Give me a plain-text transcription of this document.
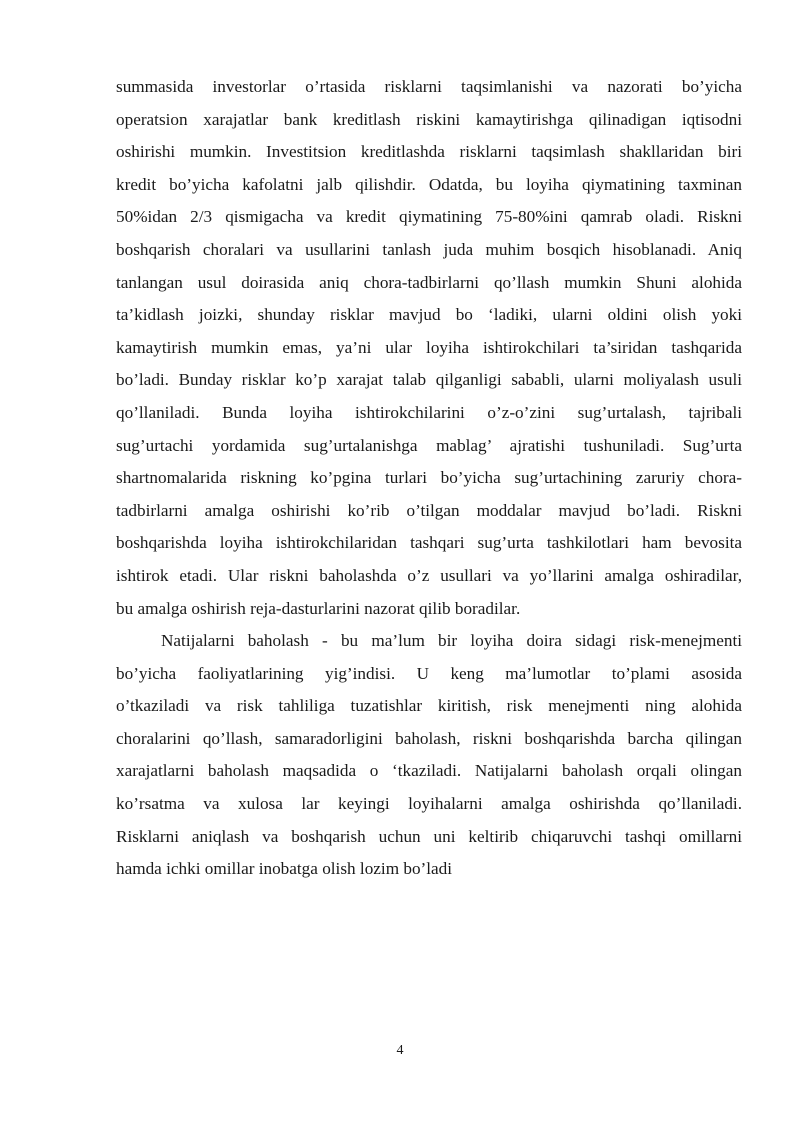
summasida investorlar o’rtasida risklarni taqsimlanishi va nazorati bo’yicha
operatsion xarajatlar bank kreditlash riskini kamaytirishga qilinadigan iqtisodni
oshirishi mumkin. Investitsion kreditlashda risklarni taqsimlash shakllaridan biri
kredit bo’yicha kafolatni jalb qilishdir. Odatda, bu loyiha qiymatining taxminan
50%idan 2/3 qismigacha va kredit qiymatining 75-80%ini qamrab oladi. Riskni
boshqarish choralari va usullarini tanlash juda muhim bosqich hisoblanadi. Aniq
tanlangan usul doirasida aniq chora-tadbirlarni qo’llash mumkin Shuni alohida
ta’kidlash joizki, shunday risklar mavjud bo ‘ladiki, ularni oldini olish yoki
kamaytirish mumkin emas, ya’ni ular loyiha ishtirokchilari ta’siridan tashqarida
bo’ladi. Bunday risklar ko’p xarajat talab qilganligi sababli, ularni moliyalash usuli
qo’llaniladi. Bunda loyiha ishtirokchilarini o’z-o’zini sug’urtalash, tajribali
sug’urtachi yordamida sug’urtalanishga mablag’ ajratishi tushuniladi. Sug’urta
shartnomalarida riskning ko’pgina turlari bo’yicha sug’urtachining zaruriy chora-
tadbirlarni amalga oshirishi ko’rib o’tilgan moddalar mavjud bo’ladi. Riskni
boshqarishda loyiha ishtirokchilaridan tashqari sug’urta tashkilotlari ham bevosita
ishtirok etadi. Ular riskni baholashda o’z usullari va yo’llarini amalga oshiradilar,
bu amalga oshirish reja-dasturlarini nazorat qilib boradilar.
Natijalarni baholash - bu ma’lum bir loyiha doira sidagi risk-menejmenti
bo’yicha faoliyatlarining yig’indisi. U keng ma’lumotlar to’plami asosida
o’tkaziladi va risk tahliliga tuzatishlar kiritish, risk menejmenti ning alohida
choralarini qo’llash, samaradorligini baholash, riskni boshqarishda barcha qilingan
xarajatlarni baholash maqsadida o ‘tkaziladi. Natijalarni baholash orqali olingan
ko’rsatma va xulosa lar keyingi loyihalarni amalga oshirishda qo’llaniladi.
Risklarni aniqlash va boshqarish uchun uni keltirib chiqaruvchi tashqi omillarni
hamda ichki omillar inobatga olish lozim bo’ladi
4
